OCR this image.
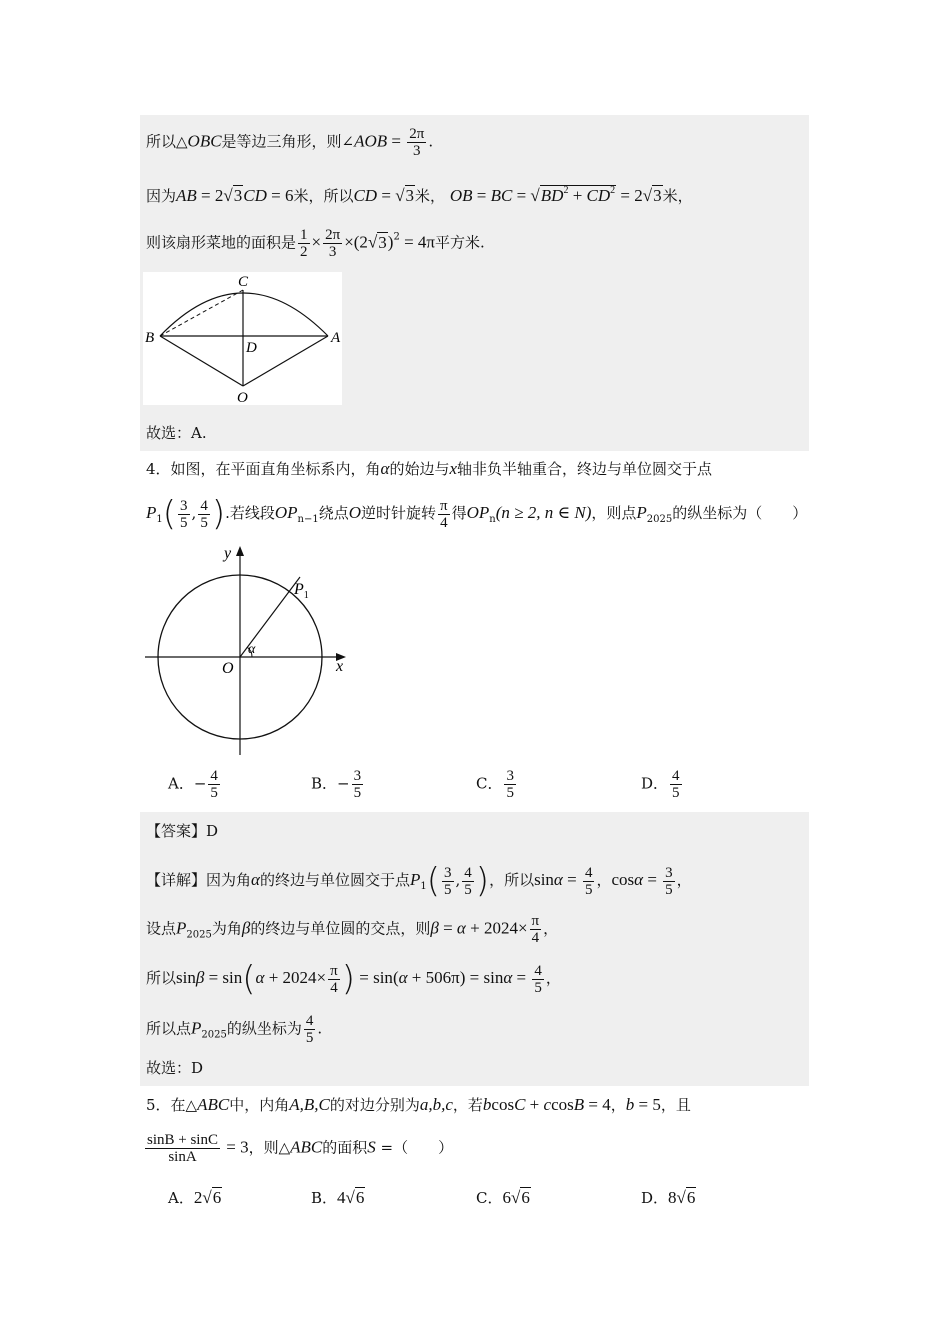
所以△OBC是等边三角形，则∠AOB = $\frac{2\pi}{3}$ .
因为AB = 2√3CD = 6米，所以CD = √3米， OB = BC = $√BD^2 + CD^2 = 2√3$米，
则该扇形菜地的面积是 $\frac{1}{2} \times \frac{2\pi}{3} \times(2√3)^2 = 4\pi$平方米.
C
B	A
D
O
故选：A.
4．如图，在平面直角坐标系内，角α的始边与x轴非负半轴重合，终边与单位圆交于点
$P_1( \frac{3}{5}$ , $\frac{4}{5}$ ).若线段$OP_{n-1}$绕点O逆时针旋转 $\frac{\pi}{4}$ 得$OP_n(n \ge 2$, n ∈ N)，则点$P_{2025}$的纵坐标为（　　）
y
x
O
α
$P_1$
A．− $\frac{4}{5}$	B．− $\frac{3}{5}$	C． $\frac{3}{5}$	D． $\frac{4}{5}$
【答案】D
【详解】因为角α的终边与单位圆交于点$P_1( \frac{3}{5}$ , $\frac{4}{5}$ )，所以$\sin\alpha = \frac{4}{5}$ ，$\cos\alpha = \frac{3}{5}$ ，
设点$P_{2025}$为角β的终边与单位圆的交点，则$\beta = \alpha + 2024\times \frac{\pi}{4}$ ，
所以$\sin\beta = \sin(\alpha + 2024\times \frac{\pi}{4}$ ) = $\sin(\alpha + 506\pi) = \sin\alpha = \frac{4}{5}$ ，
所以点$P_{2025}$的纵坐标为 $\frac{4}{5}$ .
故选：D
5．在△ABC中，内角A,B,C的对边分别为a,b,c，若bcosC + ccosB = 4，b = 5，且
$\frac{\sin B + \sin C}{\sin A} = 3$，则△ABC的面积S =（　　）
A．2√6	B．4√6	C．6√6	D．8√6
